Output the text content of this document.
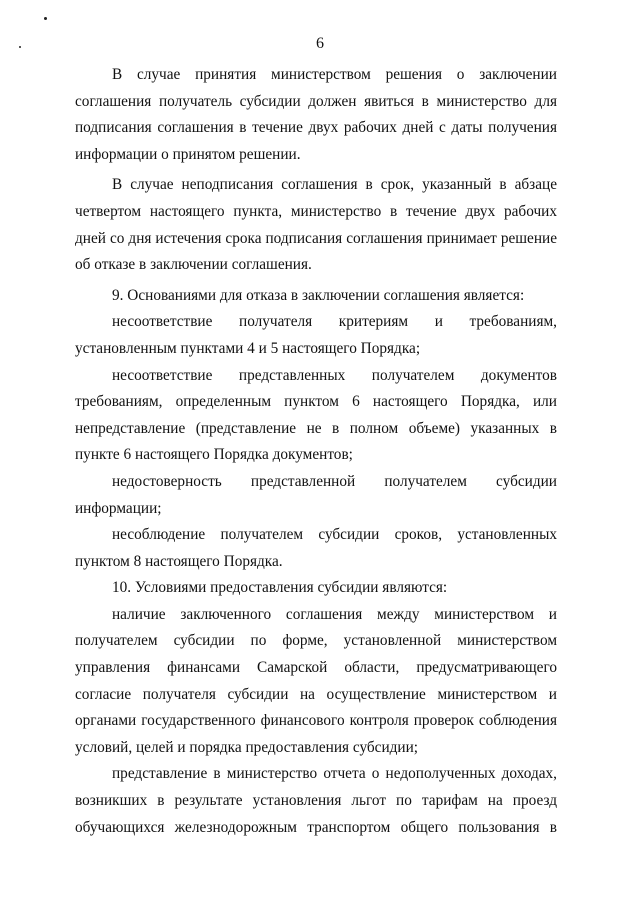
6

В случае принятия министерством решения о заключении соглашения получатель субсидии должен явиться в министерство для подписания соглашения в течение двух рабочих дней с даты получения информации о принятом решении.

В случае неподписания соглашения в срок, указанный в абзаце четвертом настоящего пункта, министерство в течение двух рабочих дней со дня истечения срока подписания соглашения принимает решение об отказе в заключении соглашения.

9. Основаниями для отказа в заключении соглашения является:

несоответствие получателя критериям и требованиям, установленным пунктами 4 и 5 настоящего Порядка;

несоответствие представленных получателем документов требованиям, определенным пунктом 6 настоящего Порядка, или непредставление (представление не в полном объеме) указанных в пункте 6 настоящего Порядка документов;

недостоверность представленной получателем субсидии информации;

несоблюдение получателем субсидии сроков, установленных пунктом 8 настоящего Порядка.

10. Условиями предоставления субсидии являются:

наличие заключенного соглашения между министерством и получателем субсидии по форме, установленной министерством управления финансами Самарской области, предусматривающего согласие получателя субсидии на осуществление министерством и органами государственного финансового контроля проверок соблюдения условий, целей и порядка предоставления субсидии;

представление в министерство отчета о недополученных доходах, возникших в результате установления льгот по тарифам на проезд обучающихся железнодорожным транспортом общего пользования в
